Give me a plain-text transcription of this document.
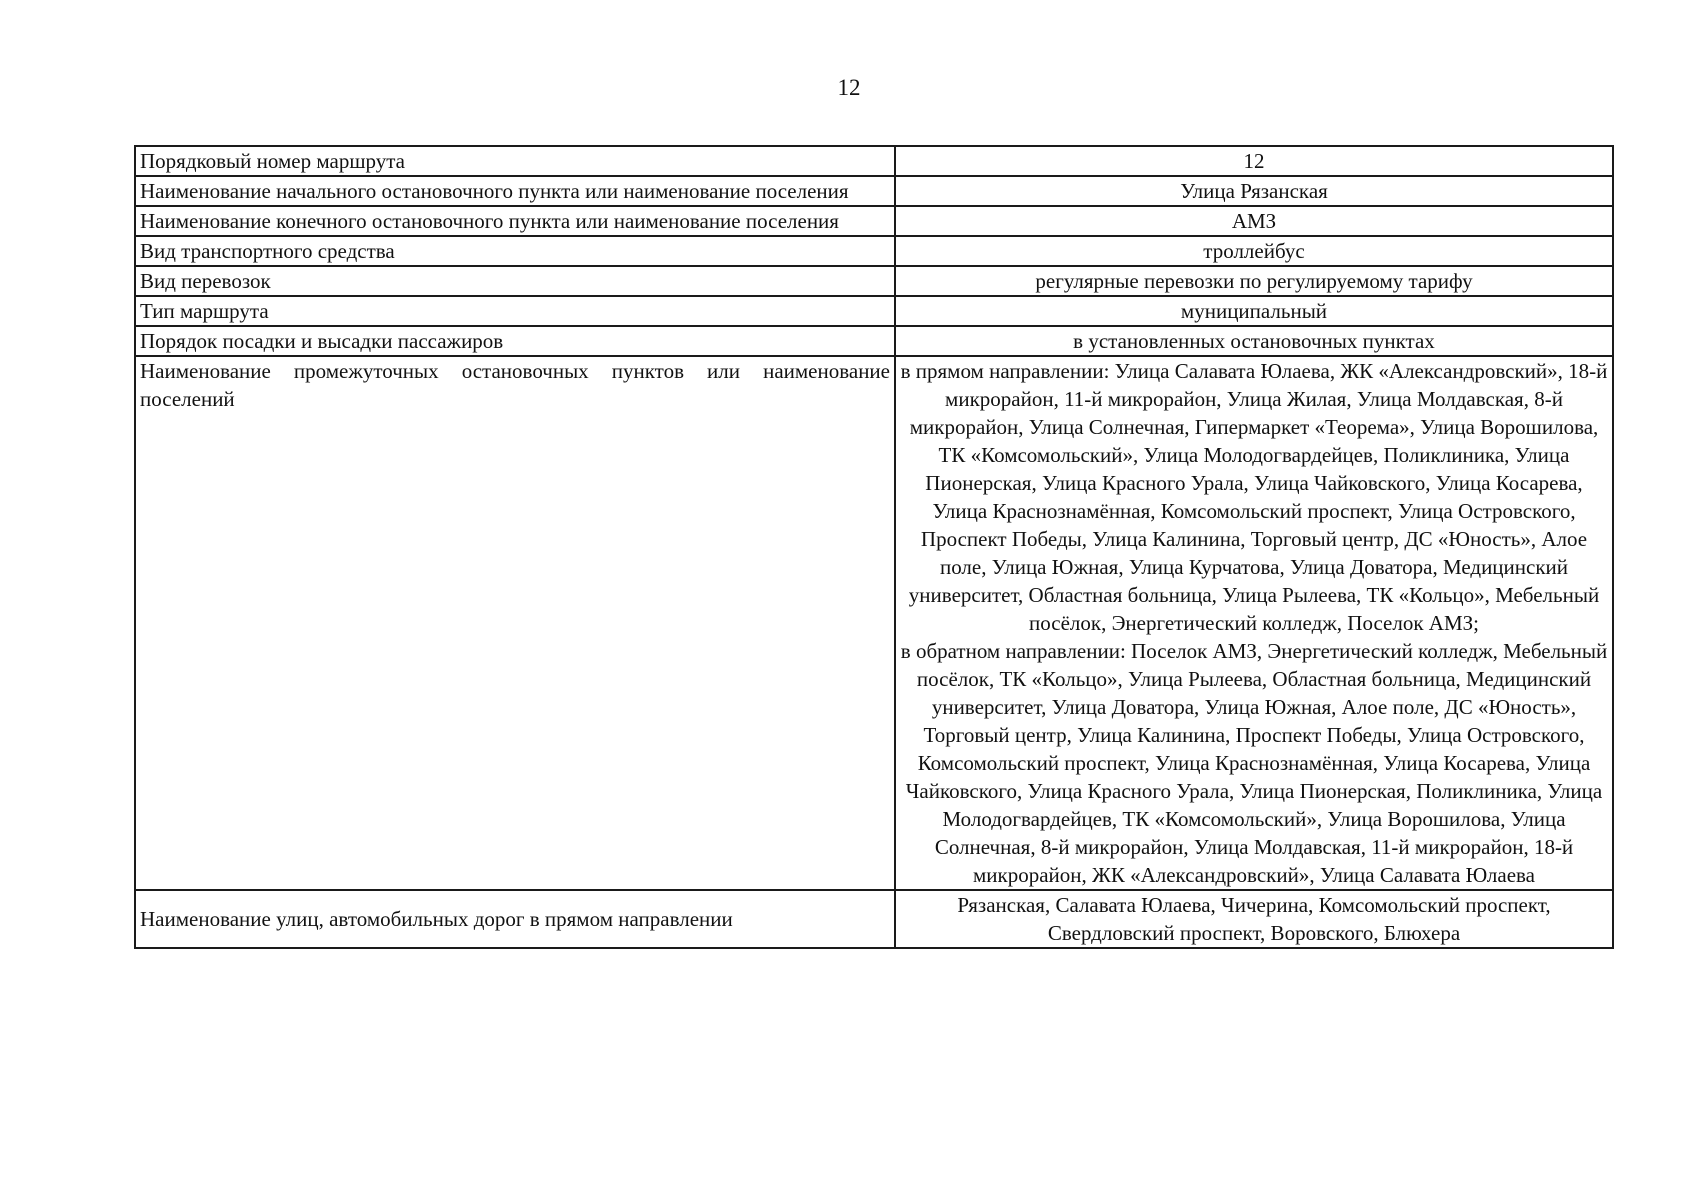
12
Порядковый номер маршрута	12
Наименование начального остановочного пункта или наименование поселения	Улица Рязанская
Наименование конечного остановочного пункта или наименование поселения	АМЗ
Вид транспортного средства	троллейбус
Вид перевозок	регулярные перевозки по регулируемому тарифу
Тип маршрута	муниципальный
Порядок посадки и высадки пассажиров	в установленных остановочных пунктах
Наименование промежуточных остановочных пунктов или наименование поселений	в прямом направлении: Улица Салавата Юлаева, ЖК «Александровский», 18-й микрорайон, 11-й микрорайон, Улица Жилая, Улица Молдавская, 8-й микрорайон, Улица Солнечная, Гипермаркет «Теорема», Улица Ворошилова, ТК «Комсомольский», Улица Молодогвардейцев, Поликлиника, Улица Пионерская, Улица Красного Урала, Улица Чайковского, Улица Косарева, Улица Краснознамённая, Комсомольский проспект, Улица Островского, Проспект Победы, Улица Калинина, Торговый центр, ДС «Юность», Алое поле, Улица Южная, Улица Курчатова, Улица Доватора, Медицинский университет, Областная больница, Улица Рылеева, ТК «Кольцо», Мебельный посёлок, Энергетический колледж, Поселок АМЗ;
в обратном направлении: Поселок АМЗ, Энергетический колледж, Мебельный посёлок, ТК «Кольцо», Улица Рылеева, Областная больница, Медицинский университет, Улица Доватора, Улица Южная, Алое поле, ДС «Юность», Торговый центр, Улица Калинина, Проспект Победы, Улица Островского, Комсомольский проспект, Улица Краснознамённая, Улица Косарева, Улица Чайковского, Улица Красного Урала, Улица Пионерская, Поликлиника, Улица Молодогвардейцев, ТК «Комсомольский», Улица Ворошилова, Улица Солнечная, 8-й микрорайон, Улица Молдавская, 11-й микрорайон, 18-й микрорайон, ЖК «Александровский», Улица Салавата Юлаева

Наименование улиц, автомобильных дорог в прямом направлении	Рязанская, Салавата Юлаева, Чичерина, Комсомольский проспект, Свердловский проспект, Воровского, Блюхера
